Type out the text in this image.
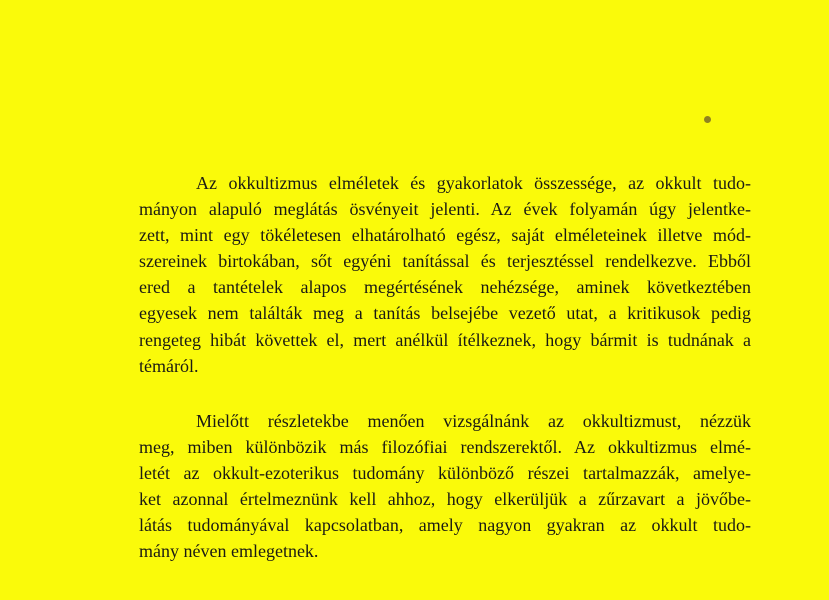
Az okkultizmus elméletek és gyakorlatok összessége, az okkult tudo-
mányon alapuló meglátás ösvényeit jelenti. Az évek folyamán úgy jelentke-
zett, mint egy tökéletesen elhatárolható egész, saját elméleteinek illetve mód-
szereinek birtokában, sőt egyéni tanítással és terjesztéssel rendelkezve. Ebből
ered a tantételek alapos megértésének nehézsége, aminek következtében
egyesek nem találták meg a tanítás belsejébe vezető utat, a kritikusok pedig
rengeteg hibát követtek el, mert anélkül ítélkeznek, hogy bármit is tudnának a
témáról.

Mielőtt részletekbe menően vizsgálnánk az okkultizmust, nézzük
meg, miben különbözik más filozófiai rendszerektől. Az okkultizmus elmé-
letét az okkult-ezoterikus tudomány különböző részei tartalmazzák, amelye-
ket azonnal értelmeznünk kell ahhoz, hogy elkerüljük a zűrzavart a jövőbe-
látás tudományával kapcsolatban, amely nagyon gyakran az okkult tudo-
mány néven emlegetnek.
